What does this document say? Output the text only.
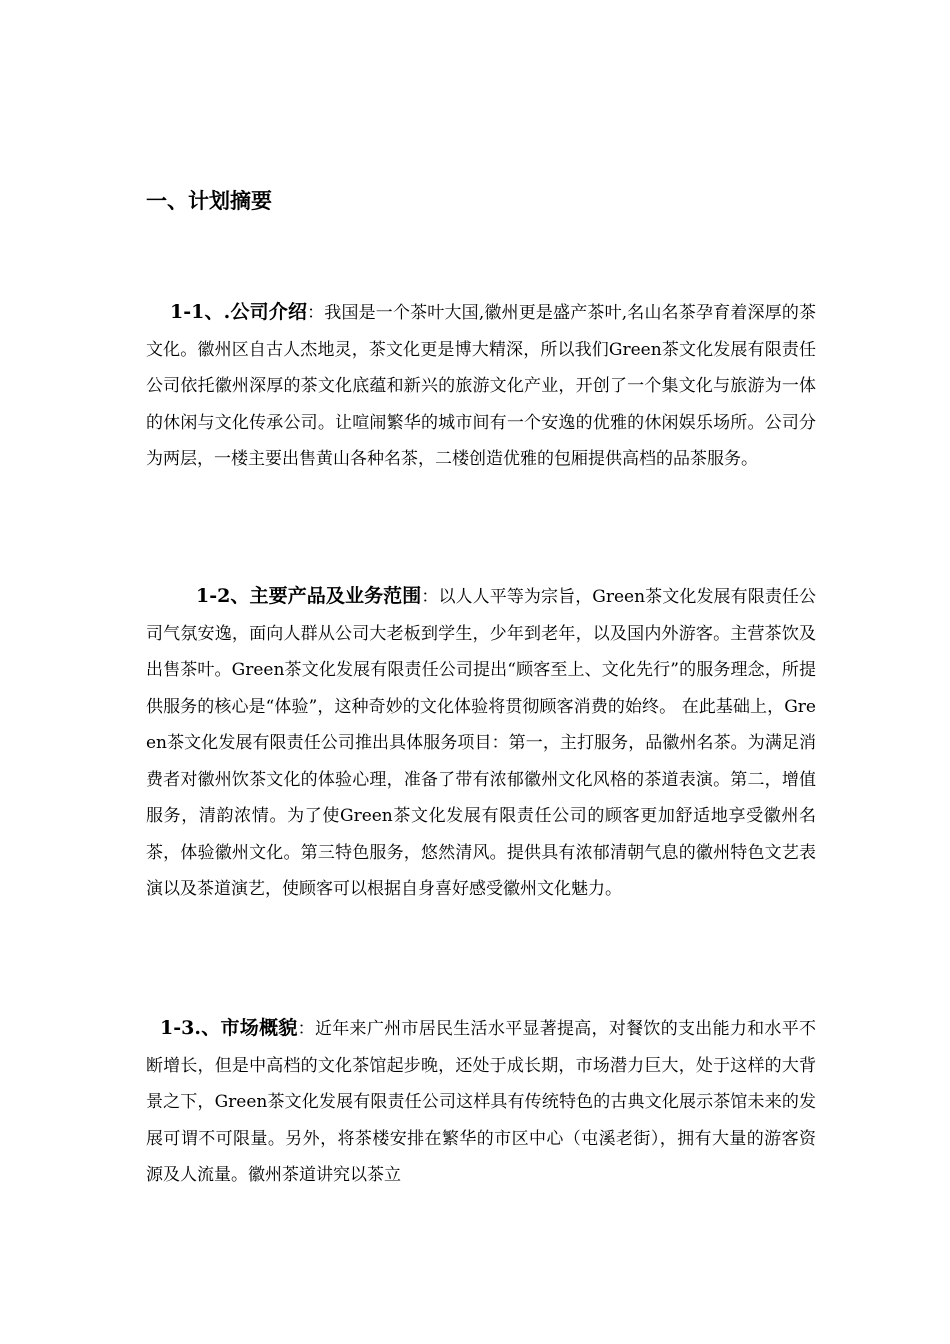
一、计划摘要
1-1、.公司介绍：我国是一个茶叶大国,徽州更是盛产茶叶,名山名茶孕育着深厚的茶文化。徽州区自古人杰地灵，茶文化更是博大精深，所以我们Green茶文化发展有限责任公司依托徽州深厚的茶文化底蕴和新兴的旅游文化产业，开创了一个集文化与旅游为一体的休闲与文化传承公司。让喧闹繁华的城市间有一个安逸的优雅的休闲娱乐场所。公司分为两层，一楼主要出售黄山各种名茶，二楼创造优雅的包厢提供高档的品茶服务。
1-2、主要产品及业务范围：以人人平等为宗旨，Green茶文化发展有限责任公司气氛安逸，面向人群从公司大老板到学生，少年到老年，以及国内外游客。主营茶饮及出售茶叶。Green茶文化发展有限责任公司提出“顾客至上、文化先行”的服务理念，所提供服务的核心是“体验”，这种奇妙的文化体验将贯彻顾客消费的始终。 在此基础上，Green茶文化发展有限责任公司推出具体服务项目：第一，主打服务，品徽州名茶。为满足消费者对徽州饮茶文化的体验心理，准备了带有浓郁徽州文化风格的茶道表演。第二，增值服务，清韵浓情。为了使Green茶文化发展有限责任公司的顾客更加舒适地享受徽州名茶，体验徽州文化。第三特色服务，悠然清风。提供具有浓郁清朝气息的徽州特色文艺表演以及茶道演艺，使顾客可以根据自身喜好感受徽州文化魅力。
1-3.、市场概貌：近年来广州市居民生活水平显著提高，对餐饮的支出能力和水平不断增长，但是中高档的文化茶馆起步晚，还处于成长期，市场潜力巨大，处于这样的大背景之下，Green茶文化发展有限责任公司这样具有传统特色的古典文化展示茶馆未来的发展可谓不可限量。另外，将茶楼安排在繁华的市区中心（屯溪老街），拥有大量的游客资源及人流量。徽州茶道讲究以茶立
